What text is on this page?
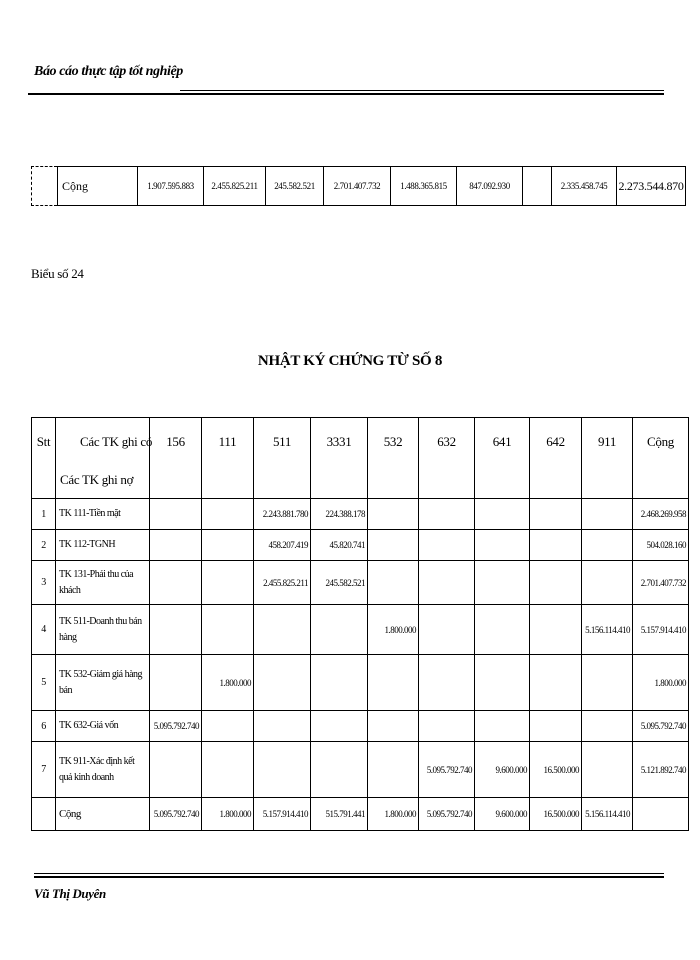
Báo cáo thực tập tốt nghiệp
	Cộng	1.907.595.883	2.455.825.211	245.582.521	2.701.407.732	1.488.365.815	847.092.930		2.335.458.745	2.273.544.870
Biểu số 24
NHẬT KÝ CHỨNG TỪ SỐ 8
Stt	Các TK ghi có
Các TK ghi nợ	156	111	511	3331	532	632	641	642	911	Cộng

1	TK 111-Tiền mặt			2.243.881.780	224.388.178						2.468.269.958
2	TK 112-TGNH			458.207.419	45.820.741						504.028.160
3	TK 131-Phải thu của khách			2.455.825.211	245.582.521						2.701.407.732
4	TK 511-Doanh thu bán hàng					1.800.000				5.156.114.410	5.157.914.410
5	TK 532-Giảm giá hàng bán		1.800.000								1.800.000
6	TK 632-Giá vốn	5.095.792.740									5.095.792.740
7	TK 911-Xác định kết quả kinh doanh						5.095.792.740	9.600.000	16.500.000		5.121.892.740
	Cộng	5.095.792.740	1.800.000	5.157.914.410	515.791.441	1.800.000	5.095.792.740	9.600.000	16.500.000	5.156.114.410	
Vũ Thị Duyên
